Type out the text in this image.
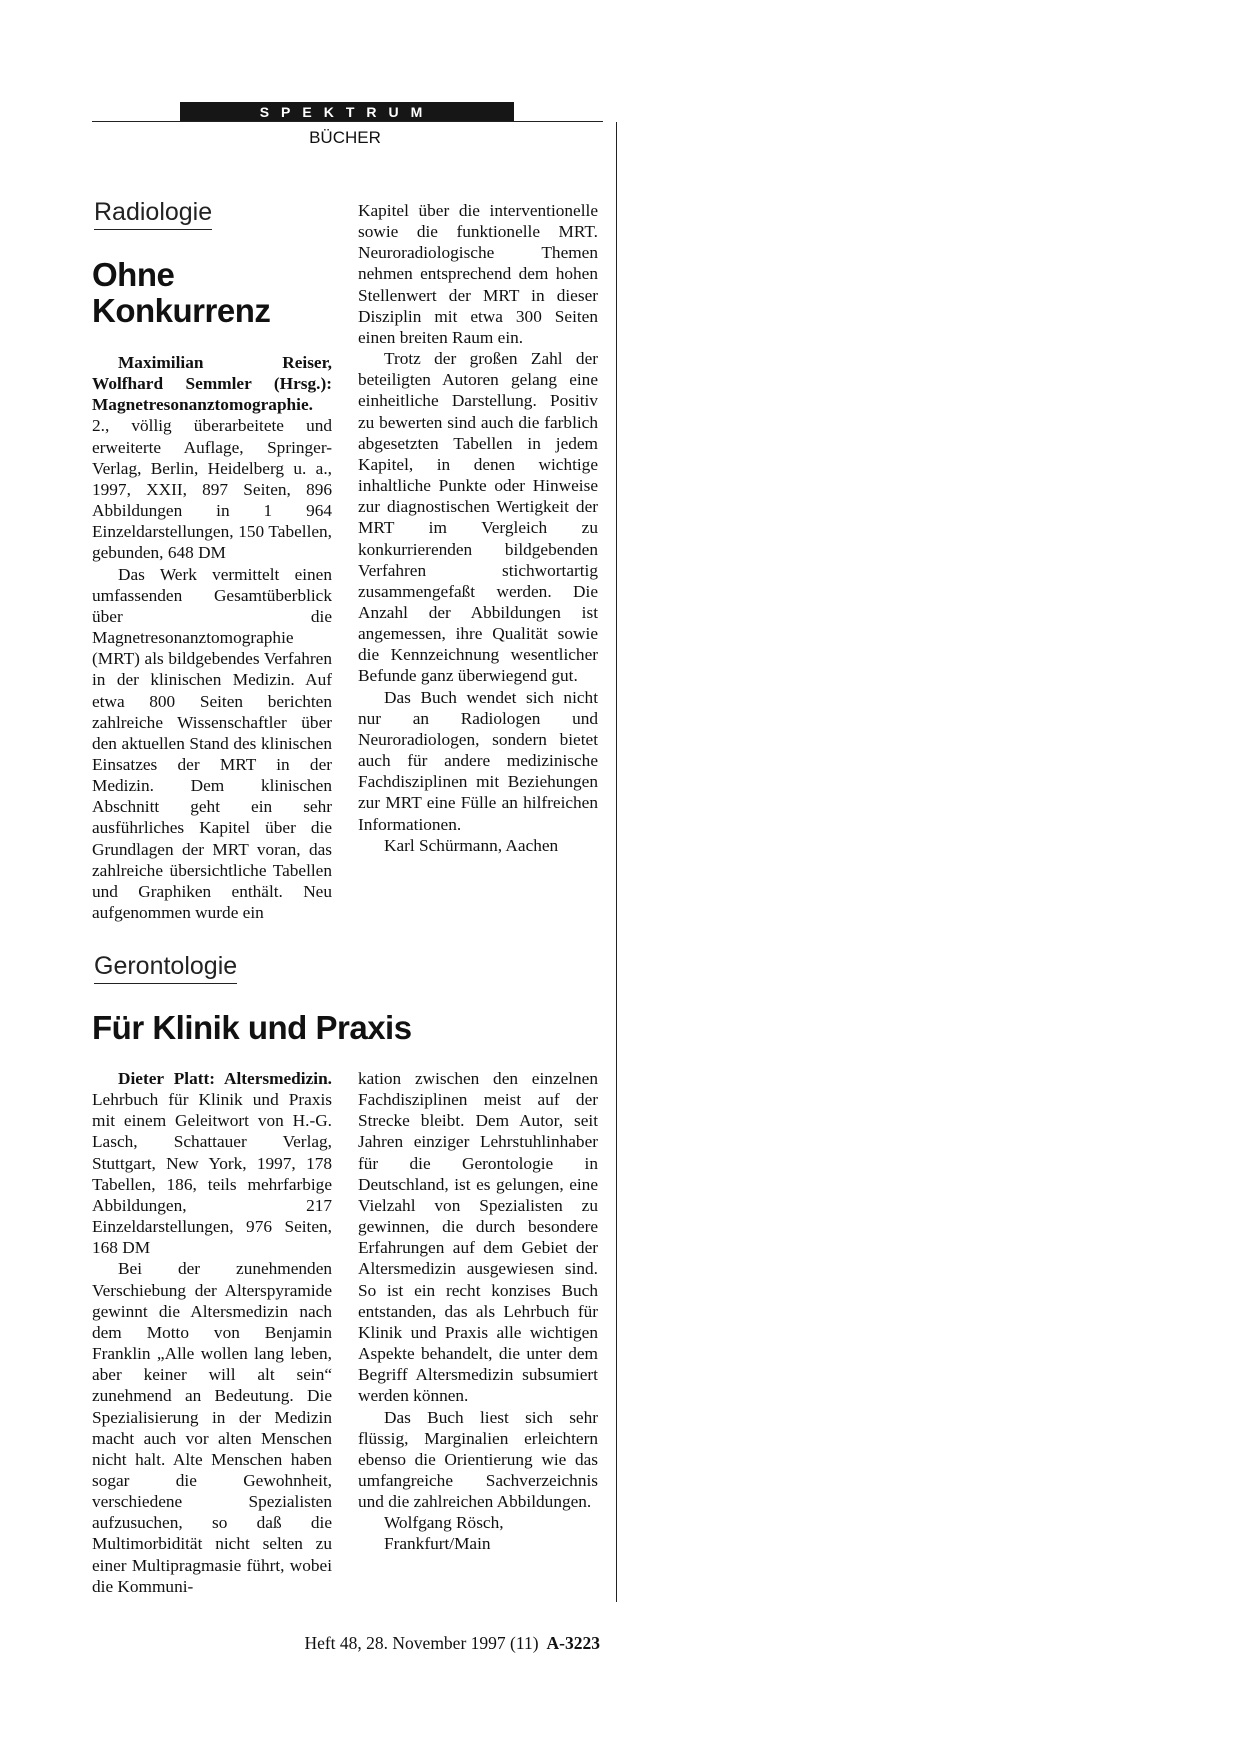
SPEKTRUM
BÜCHER
Radiologie
Ohne
Konkurrenz

Maximilian Reiser, Wolfhard Semmler (Hrsg.): Magnetresonanztomographie. 2., völlig überarbeitete und erweiterte Auflage, Springer-Verlag, Berlin, Heidelberg u. a., 1997, XXII, 897 Seiten, 896 Abbildungen in 1 964 Einzeldarstellungen, 150 Tabellen, gebunden, 648 DM

Das Werk vermittelt einen umfassenden Gesamtüberblick über die Magnetresonanztomographie (MRT) als bildgebendes Verfahren in der klinischen Medizin. Auf etwa 800 Seiten berichten zahlreiche Wissenschaftler über den aktuellen Stand des klinischen Einsatzes der MRT in der Medizin. Dem klinischen Abschnitt geht ein sehr ausführliches Kapitel über die Grundlagen der MRT voran, das zahlreiche übersichtliche Tabellen und Graphiken enthält. Neu aufgenommen wurde ein

Kapitel über die interventionelle sowie die funktionelle MRT. Neuroradiologische Themen nehmen entsprechend dem hohen Stellenwert der MRT in dieser Disziplin mit etwa 300 Seiten einen breiten Raum ein.

Trotz der großen Zahl der beteiligten Autoren gelang eine einheitliche Darstellung. Positiv zu bewerten sind auch die farblich abgesetzten Tabellen in jedem Kapitel, in denen wichtige inhaltliche Punkte oder Hinweise zur diagnostischen Wertigkeit der MRT im Vergleich zu konkurrierenden bildgebenden Verfahren stichwortartig zusammengefaßt werden. Die Anzahl der Abbildungen ist angemessen, ihre Qualität sowie die Kennzeichnung wesentlicher Befunde ganz überwiegend gut.

Das Buch wendet sich nicht nur an Radiologen und Neuroradiologen, sondern bietet auch für andere medizinische Fachdisziplinen mit Beziehungen zur MRT eine Fülle an hilfreichen Informationen.

Karl Schürmann, Aachen

Gerontologie
Für Klinik und Praxis

Dieter Platt: Altersmedizin. Lehrbuch für Klinik und Praxis mit einem Geleitwort von H.-G. Lasch, Schattauer Verlag, Stuttgart, New York, 1997, 178 Tabellen, 186, teils mehrfarbige Abbildungen, 217 Einzeldarstellungen, 976 Seiten, 168 DM

Bei der zunehmenden Verschiebung der Alterspyramide gewinnt die Altersmedizin nach dem Motto von Benjamin Franklin „Alle wollen lang leben, aber keiner will alt sein“ zunehmend an Bedeutung. Die Spezialisierung in der Medizin macht auch vor alten Menschen nicht halt. Alte Menschen haben sogar die Gewohnheit, verschiedene Spezialisten aufzusuchen, so daß die Multimorbidität nicht selten zu einer Multipragmasie führt, wobei die Kommuni-

kation zwischen den einzelnen Fachdisziplinen meist auf der Strecke bleibt. Dem Autor, seit Jahren einziger Lehrstuhlinhaber für die Gerontologie in Deutschland, ist es gelungen, eine Vielzahl von Spezialisten zu gewinnen, die durch besondere Erfahrungen auf dem Gebiet der Altersmedizin ausgewiesen sind. So ist ein recht konzises Buch entstanden, das als Lehrbuch für Klinik und Praxis alle wichtigen Aspekte behandelt, die unter dem Begriff Altersmedizin subsumiert werden können.

Das Buch liest sich sehr flüssig, Marginalien erleichtern ebenso die Orientierung wie das umfangreiche Sachverzeichnis und die zahlreichen Abbildungen.

Wolfgang Rösch,

Frankfurt/Main

Heft 48, 28. November 1997 (11) A-3223
